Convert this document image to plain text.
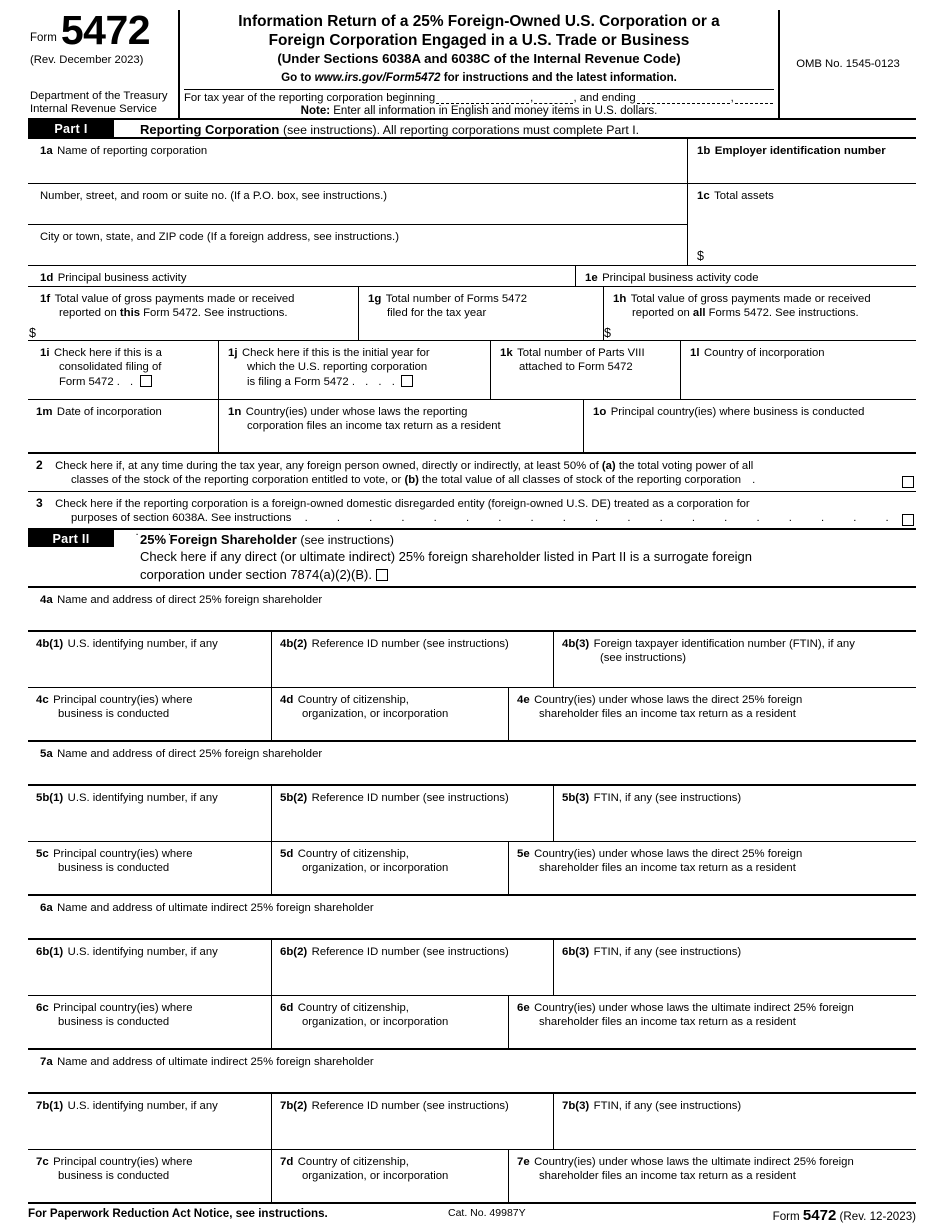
Form 5472
(Rev. December 2023)
Department of the Treasury
Internal Revenue Service
Information Return of a 25% Foreign-Owned U.S. Corporation or a
Foreign Corporation Engaged in a U.S. Trade or Business
(Under Sections 6038A and 6038C of the Internal Revenue Code)
Go to www.irs.gov/Form5472 for instructions and the latest information.
For tax year of the reporting corporation beginning	,	, and ending	,
Note: Enter all information in English and money items in U.S. dollars.
OMB No. 1545-0123
Part I	Reporting Corporation (see instructions). All reporting corporations must complete Part I.
1a Name of reporting corporation	1b Employer identification number
Number, street, and room or suite no. (If a P.O. box, see instructions.)
City or town, state, and ZIP code (If a foreign address, see instructions.)
1c Total assets
$
1d Principal business activity	1e Principal business activity code
1f Total value of gross payments made or received
reported on this Form 5472. See instructions.
$
1g Total number of Forms 5472
filed for the tax year
1h Total value of gross payments made or received
reported on all Forms 5472. See instructions.
$
1i Check here if this is a
consolidated filing of
Form 5472 . .
1j Check here if this is the initial year for
which the U.S. reporting corporation
is filing a Form 5472 . . . .
1k Total number of Parts VIII
attached to Form 5472
1l Country of incorporation
1m Date of incorporation	1n Country(ies) under whose laws the reporting
corporation files an income tax return as a resident
1o Principal country(ies) where business is conducted
2 Check here if, at any time during the tax year, any foreign person owned, directly or indirectly, at least 50% of (a) the total voting power of all
classes of the stock of the reporting corporation entitled to vote, or (b) the total value of all classes of stock of the reporting corporation .
3 Check here if the reporting corporation is a foreign-owned domestic disregarded entity (foreign-owned U.S. DE) treated as a corporation for
purposes of section 6038A. See instructions . . . . . . . . . . . . . . . . . . . . . . .
Part II	25% Foreign Shareholder (see instructions)
Check here if any direct (or ultimate indirect) 25% foreign shareholder listed in Part II is a surrogate foreign
corporation under section 7874(a)(2)(B).
4a Name and address of direct 25% foreign shareholder
4b(1) U.S. identifying number, if any	4b(2) Reference ID number (see instructions)	4b(3) Foreign taxpayer identification number (FTIN), if any
(see instructions)
4c Principal country(ies) where
business is conducted
4d Country of citizenship,
organization, or incorporation
4e Country(ies) under whose laws the direct 25% foreign
shareholder files an income tax return as a resident
5a Name and address of direct 25% foreign shareholder
5b(1) U.S. identifying number, if any	5b(2) Reference ID number (see instructions)	5b(3) FTIN, if any (see instructions)
5c Principal country(ies) where
business is conducted
5d Country of citizenship,
organization, or incorporation
5e Country(ies) under whose laws the direct 25% foreign
shareholder files an income tax return as a resident
6a Name and address of ultimate indirect 25% foreign shareholder
6b(1) U.S. identifying number, if any	6b(2) Reference ID number (see instructions)	6b(3) FTIN, if any (see instructions)
6c Principal country(ies) where
business is conducted
6d Country of citizenship,
organization, or incorporation
6e Country(ies) under whose laws the ultimate indirect 25% foreign
shareholder files an income tax return as a resident
7a Name and address of ultimate indirect 25% foreign shareholder
7b(1) U.S. identifying number, if any	7b(2) Reference ID number (see instructions)	7b(3) FTIN, if any (see instructions)
7c Principal country(ies) where
business is conducted
7d Country of citizenship,
organization, or incorporation
7e Country(ies) under whose laws the ultimate indirect 25% foreign
shareholder files an income tax return as a resident
For Paperwork Reduction Act Notice, see instructions.	Cat. No. 49987Y	Form 5472 (Rev. 12-2023)
